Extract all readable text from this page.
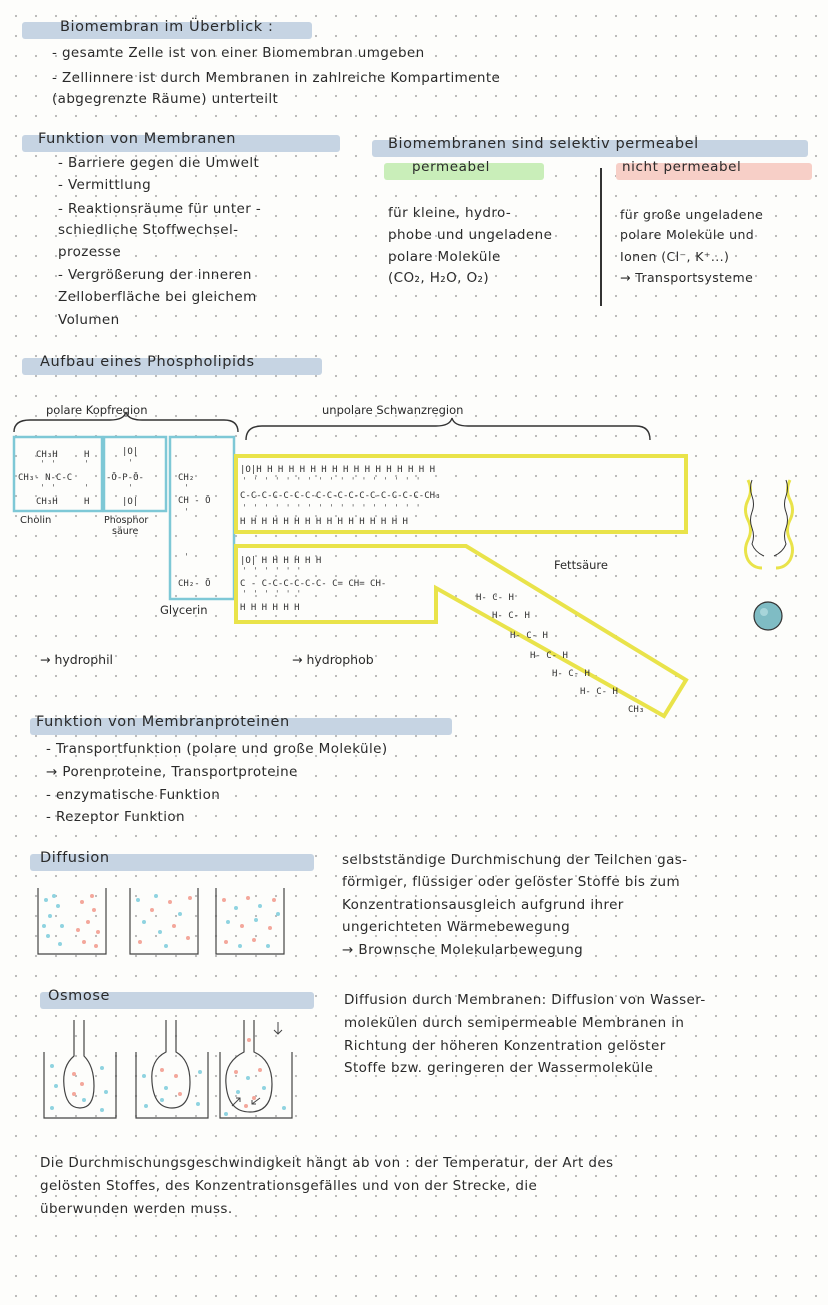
Biomembran im Überblick :
- gesamte Zelle ist von einer Biomembran umgeben
- Zellinnere ist durch Membranen in zahlreiche Kompartimente
(abgegrenzte Räume) unterteilt
Funktion von Membranen
- Barriere gegen die Umwelt
- Vermittlung
- Reaktionsräume für unter -
schiedliche Stoffwechsel-
prozesse
- Vergrößerung der inneren
Zelloberfläche bei gleichem
Volumen
Biomembranen sind selektiv permeabel
permeabel	nicht permeabel
für kleine, hydro-
phobe und ungeladene
polare Moleküle
(CO₂, H₂O, O₂)
für große ungeladene
polare Moleküle und
Ionen (Cl⁻, K⁺...)
→ Transportsysteme
Aufbau eines Phospholipids
polare Kopfregion	unpolare Schwanzregion
Cholin	Phosphor
säure
Glycerin
Fettsäure
→ hydrophil	→ hydrophob
CH₃H	H
ˈ ˈ	ˈ
CH₃- N-C-C
ˈ ˈ	ˈ
CH₃H	H
|O|
ˈ
-Ō-P-Ō-
ˈ
|O|
CH₂
ˈ
CH - Ō
ˈ
ˈ
CH₂- Ō
|O|H H H H H H H H H H H H H H H H H
ˈ ˈ ˈ ˈ ˈ ˈ ˈ ˈ ˈ ˈ ˈ ˈ ˈ ˈ ˈ ˈ ˈ
C-C-C-C-C-C-C-C-C-C-C-C-C-C-C-C-C-CH₃
ˈ ˈ ˈ ˈ ˈ ˈ ˈ ˈ ˈ ˈ ˈ ˈ ˈ ˈ ˈ ˈ ˈ
H H H H H H H H H H H H H H H H
|O| H H H H H H
ˈ ˈ ˈ ˈ ˈ ˈ
C - C-C-C-C-C-C- C= CH= CH-
ˈ ˈ ˈ ˈ ˈ ˈ
H H H H H H
H- C- H
H- C- H
H- C- H
H- C- H
H- C- H
H- C- H
CH₃
Funktion von Membranproteinen
- Transportfunktion (polare und große Moleküle)
→ Porenproteine, Transportproteine
- enzymatische Funktion
- Rezeptor Funktion
Diffusion	selbstständige Durchmischung der Teilchen gas-
förmiger, flüssiger oder gelöster Stoffe bis zum
Konzentrationsausgleich aufgrund ihrer
ungerichteten Wärmebewegung
→ Brownsche Molekularbewegung
Osmose	Diffusion durch Membranen: Diffusion von Wasser-
molekülen durch semipermeable Membranen in
Richtung der höheren Konzentration gelöster
Stoffe bzw. geringeren der Wassermoleküle
Die Durchmischungsgeschwindigkeit hängt ab von : der Temperatur, der Art des
gelösten Stoffes, des Konzentrationsgefälles und von der Strecke, die
überwunden werden muss.
